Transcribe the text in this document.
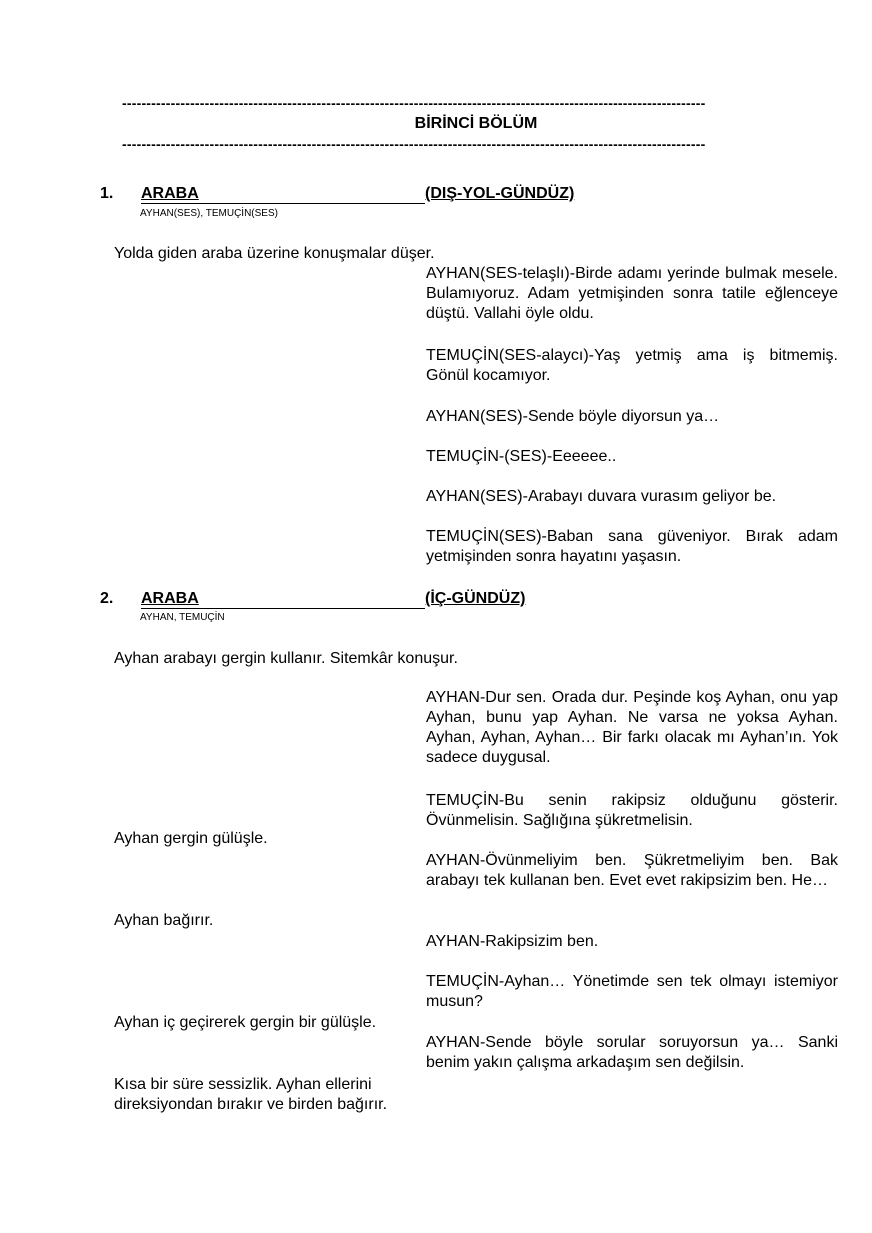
------------------------------------------------------------------------------------------------------------------------
BİRİNCİ BÖLÜM
------------------------------------------------------------------------------------------------------------------------
1. ARABA	(DIŞ-YOL-GÜNDÜZ)
AYHAN(SES), TEMUÇİN(SES)
Yolda giden araba üzerine konuşmalar düşer.
AYHAN(SES-telaşlı)-Birde adamı yerinde bulmak mesele. Bulamıyoruz. Adam yetmişinden sonra tatile eğlenceye düştü. Vallahi öyle oldu.
TEMUÇİN(SES-alaycı)-Yaş yetmiş ama iş bitmemiş. Gönül kocamıyor.
AYHAN(SES)-Sende böyle diyorsun ya…
TEMUÇİN-(SES)-Eeeeee..
AYHAN(SES)-Arabayı duvara vurasım geliyor be.
TEMUÇİN(SES)-Baban sana güveniyor. Bırak adam yetmişinden sonra hayatını yaşasın.
2. ARABA	(İÇ-GÜNDÜZ)
AYHAN, TEMUÇİN
Ayhan arabayı gergin kullanır. Sitemkâr konuşur.
Ayhan gergin gülüşle.
Ayhan bağırır.
Ayhan iç geçirerek gergin bir gülüşle.
Kısa bir süre sessizlik. Ayhan ellerini direksiyondan bırakır ve birden bağırır.
AYHAN-Dur sen. Orada dur. Peşinde koş Ayhan, onu yap Ayhan, bunu yap Ayhan. Ne varsa ne yoksa Ayhan. Ayhan, Ayhan, Ayhan… Bir farkı olacak mı Ayhan’ın. Yok sadece duygusal.
TEMUÇİN-Bu senin rakipsiz olduğunu gösterir. Övünmelisin. Sağlığına şükretmelisin.
AYHAN-Övünmeliyim ben. Şükretmeliyim ben. Bak arabayı tek kullanan ben. Evet evet rakipsizim ben. He…
AYHAN-Rakipsizim ben.
TEMUÇİN-Ayhan… Yönetimde sen tek olmayı istemiyor musun?
AYHAN-Sende böyle sorular soruyorsun ya… Sanki benim yakın çalışma arkadaşım sen değilsin.
